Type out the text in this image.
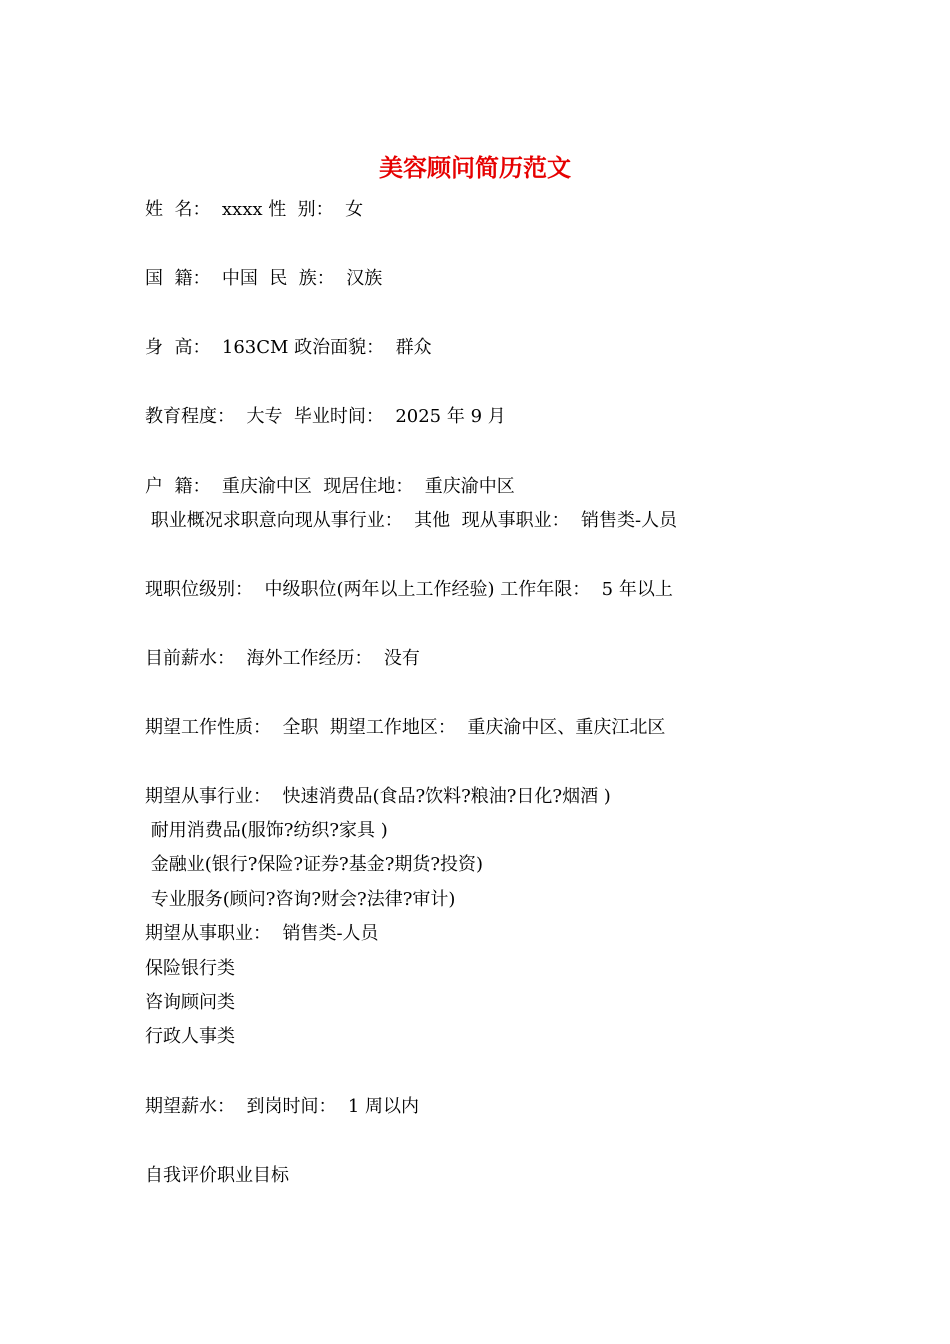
美容顾问简历范文
姓  名：  xxxx 性  别：  女
国  籍：  中国  民  族：  汉族
身  高：  163CM 政治面貌：  群众
教育程度：  大专  毕业时间：  2025 年 9 月
户  籍：  重庆渝中区  现居住地：  重庆渝中区
职业概况求职意向现从事行业：  其他  现从事职业：  销售类-人员
现职位级别：  中级职位(两年以上工作经验) 工作年限：  5 年以上
目前薪水：  海外工作经历：  没有
期望工作性质：  全职  期望工作地区：  重庆渝中区、重庆江北区
期望从事行业：  快速消费品(食品?饮料?粮油?日化?烟酒 )
耐用消费品(服饰?纺织?家具 )
金融业(银行?保险?证券?基金?期货?投资)
专业服务(顾问?咨询?财会?法律?审计)
期望从事职业：  销售类-人员
保险银行类
咨询顾问类
行政人事类
期望薪水：  到岗时间：  1 周以内
自我评价职业目标
